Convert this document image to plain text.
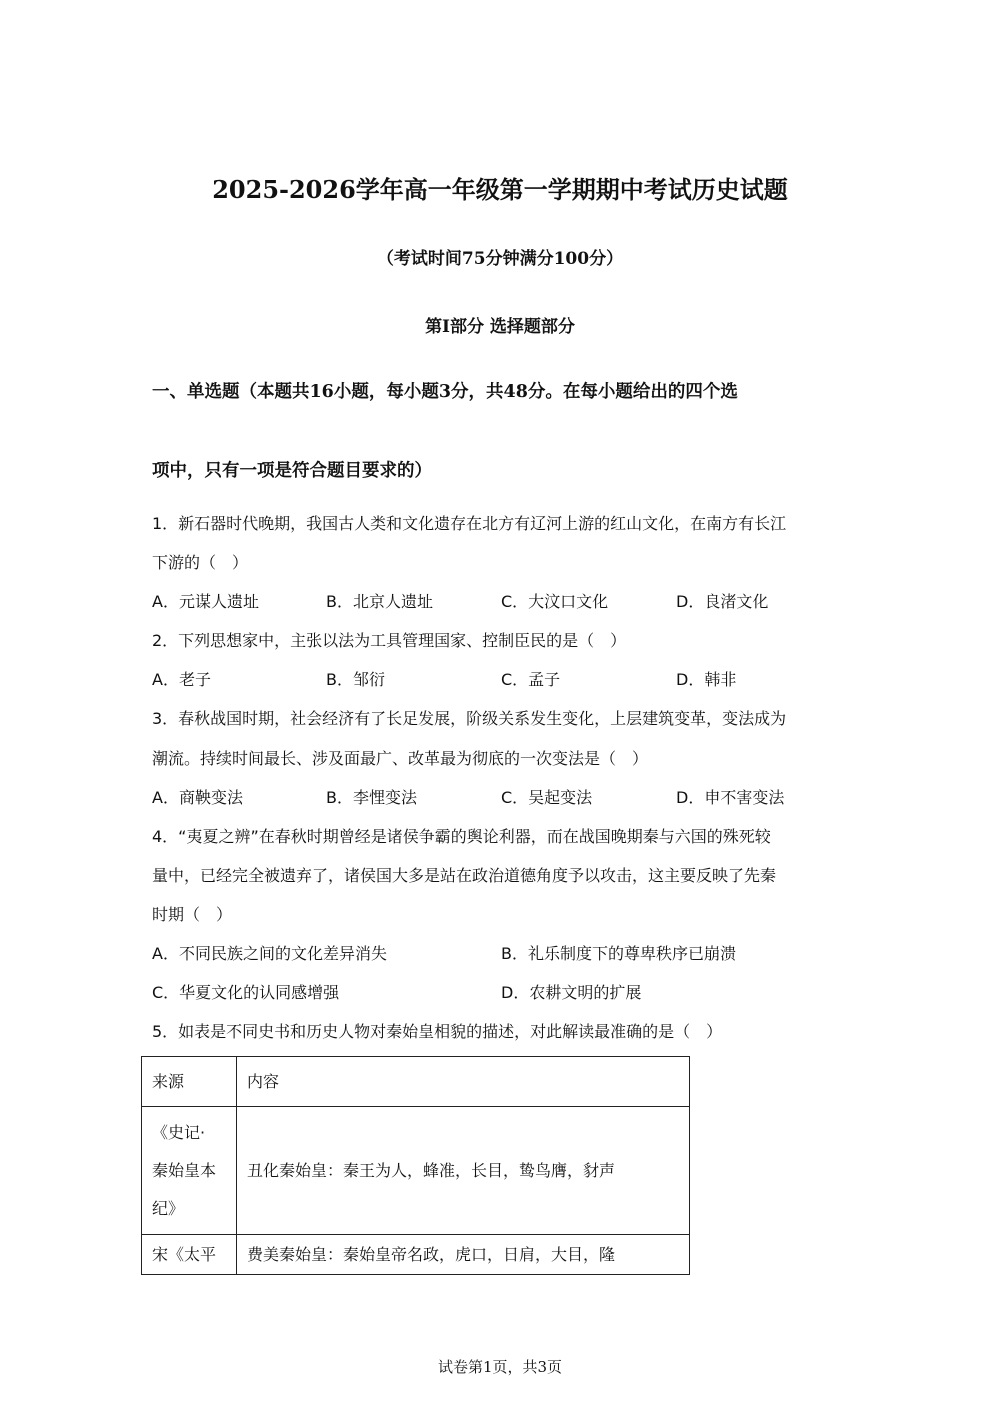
2025-2026学年高一年级第一学期期中考试历史试题
（考试时间75分钟满分100分）
第Ⅰ部分 选择题部分
一、单选题（本题共16小题，每小题3分，共48分。在每小题给出的四个选
项中，只有一项是符合题目要求的）
1．新石器时代晚期，我国古人类和文化遗存在北方有辽河上游的红山文化，在南方有长江
下游的（　）
A．元谋人遗址	B．北京人遗址	C．大汶口文化	D．良渚文化
2．下列思想家中，主张以法为工具管理国家、控制臣民的是（　）
A．老子	B．邹衍	C．孟子	D．韩非
3．春秋战国时期，社会经济有了长足发展，阶级关系发生变化，上层建筑变革，变法成为
潮流。持续时间最长、涉及面最广、改革最为彻底的一次变法是（　）
A．商鞅变法	B．李悝变法	C．吴起变法	D．申不害变法
4．“夷夏之辨”在春秋时期曾经是诸侯争霸的舆论利器，而在战国晚期秦与六国的殊死较
量中，已经完全被遗弃了，诸侯国大多是站在政治道德角度予以攻击，这主要反映了先秦
时期（　）
A．不同民族之间的文化差异消失	B．礼乐制度下的尊卑秩序已崩溃
C．华夏文化的认同感增强	D．农耕文明的扩展
5．如表是不同史书和历史人物对秦始皇相貌的描述，对此解读最准确的是（　）
来源	内容

《史记·
秦始皇本
纪》	丑化秦始皇：秦王为人，蜂准，长目，鸷鸟膺，豺声

宋《太平	费美秦始皇：秦始皇帝名政，虎口，日肩，大目，隆
试卷第1页，共3页
